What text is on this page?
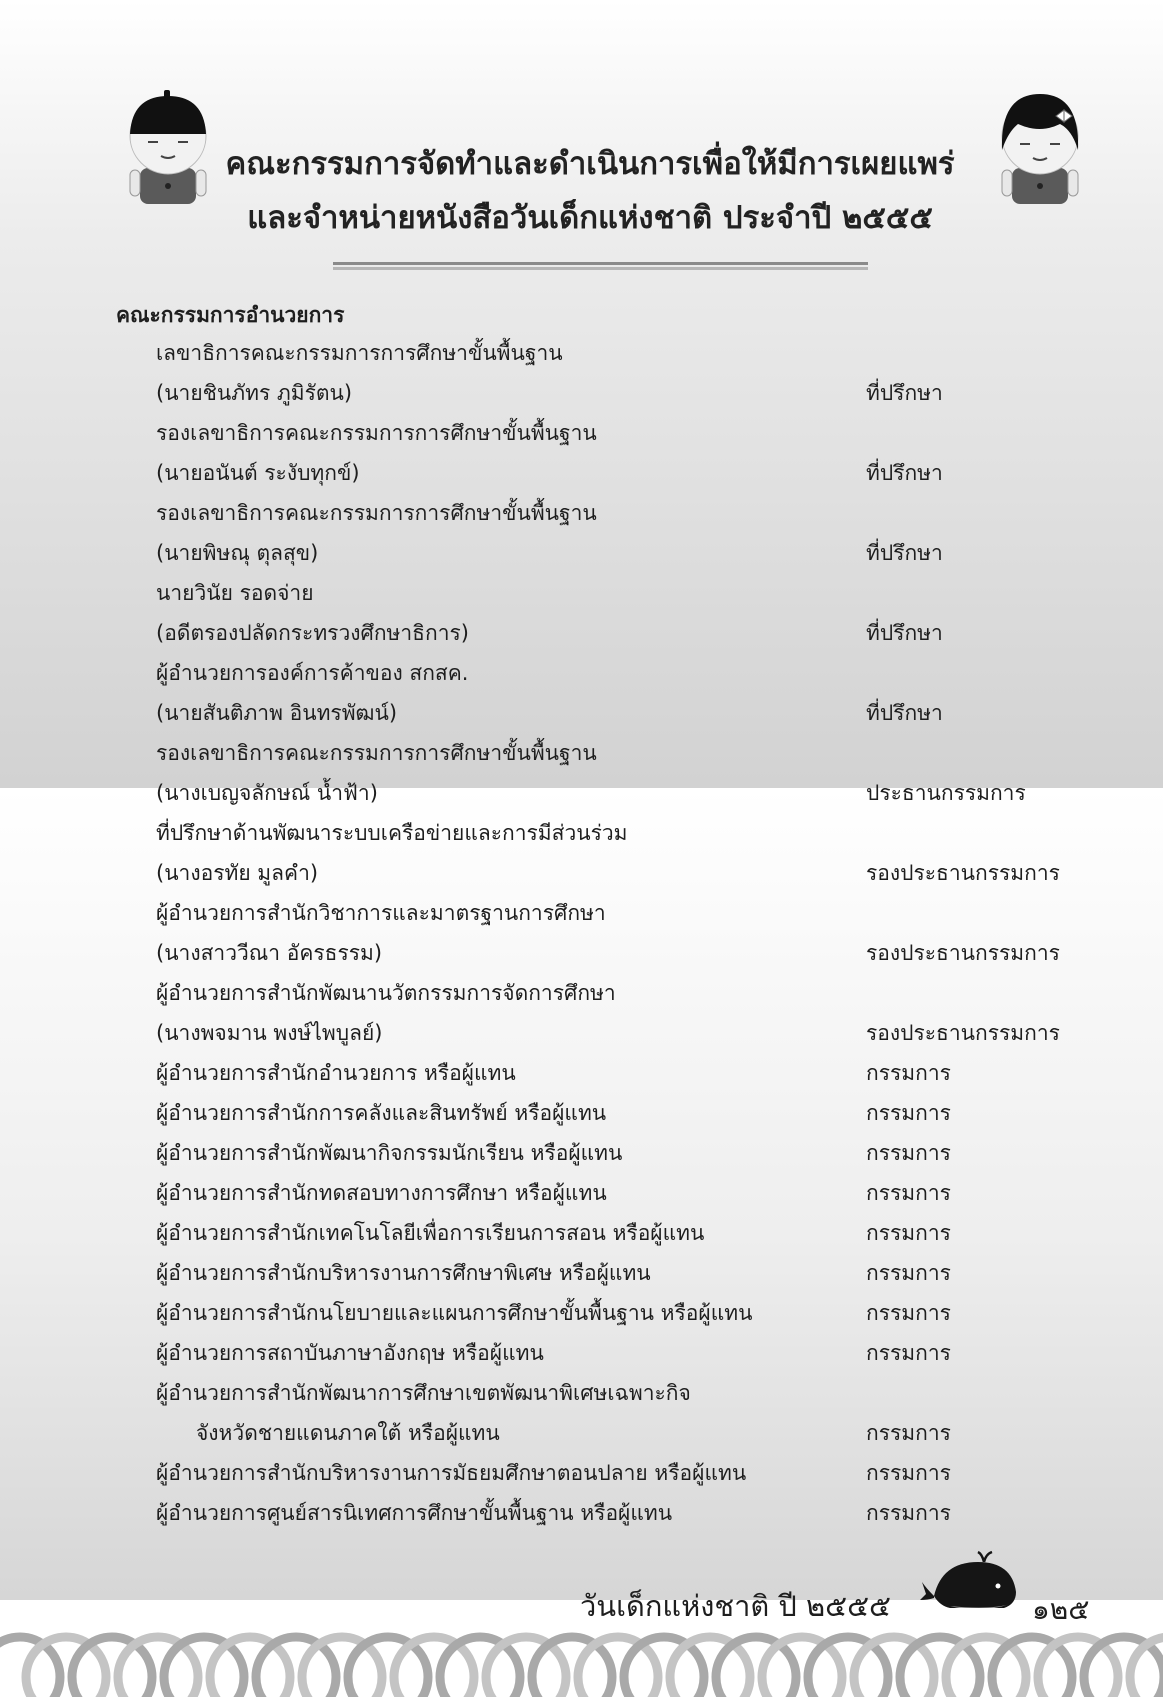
คณะกรรมการจัดทำและดำเนินการเพื่อให้มีการเผยแพร่
และจำหน่ายหนังสือวันเด็กแห่งชาติ ประจำปี ๒๕๕๕
คณะกรรมการอำนวยการ
เลขาธิการคณะกรรมการการศึกษาขั้นพื้นฐาน
(นายชินภัทร ภูมิรัตน)	ที่ปรึกษา
รองเลขาธิการคณะกรรมการการศึกษาขั้นพื้นฐาน
(นายอนันต์ ระงับทุกข์)	ที่ปรึกษา
รองเลขาธิการคณะกรรมการการศึกษาขั้นพื้นฐาน
(นายพิษณุ ตุลสุข)	ที่ปรึกษา
นายวินัย รอดจ่าย
(อดีตรองปลัดกระทรวงศึกษาธิการ)	ที่ปรึกษา
ผู้อำนวยการองค์การค้าของ สกสค.
(นายสันติภาพ อินทรพัฒน์)	ที่ปรึกษา
รองเลขาธิการคณะกรรมการการศึกษาขั้นพื้นฐาน
(นางเบญจลักษณ์ น้ำฟ้า)	ประธานกรรมการ
ที่ปรึกษาด้านพัฒนาระบบเครือข่ายและการมีส่วนร่วม
(นางอรทัย มูลคำ)	รองประธานกรรมการ
ผู้อำนวยการสำนักวิชาการและมาตรฐานการศึกษา
(นางสาววีณา อัครธรรม)	รองประธานกรรมการ
ผู้อำนวยการสำนักพัฒนานวัตกรรมการจัดการศึกษา
(นางพจมาน พงษ์ไพบูลย์)	รองประธานกรรมการ
ผู้อำนวยการสำนักอำนวยการ หรือผู้แทน	กรรมการ
ผู้อำนวยการสำนักการคลังและสินทรัพย์ หรือผู้แทน	กรรมการ
ผู้อำนวยการสำนักพัฒนากิจกรรมนักเรียน หรือผู้แทน	กรรมการ
ผู้อำนวยการสำนักทดสอบทางการศึกษา หรือผู้แทน	กรรมการ
ผู้อำนวยการสำนักเทคโนโลยีเพื่อการเรียนการสอน หรือผู้แทน	กรรมการ
ผู้อำนวยการสำนักบริหารงานการศึกษาพิเศษ หรือผู้แทน	กรรมการ
ผู้อำนวยการสำนักนโยบายและแผนการศึกษาขั้นพื้นฐาน หรือผู้แทน	กรรมการ
ผู้อำนวยการสถาบันภาษาอังกฤษ หรือผู้แทน	กรรมการ
ผู้อำนวยการสำนักพัฒนาการศึกษาเขตพัฒนาพิเศษเฉพาะกิจ
จังหวัดชายแดนภาคใต้ หรือผู้แทน	กรรมการ
ผู้อำนวยการสำนักบริหารงานการมัธยมศึกษาตอนปลาย หรือผู้แทน	กรรมการ
ผู้อำนวยการศูนย์สารนิเทศการศึกษาขั้นพื้นฐาน หรือผู้แทน	กรรมการ
วันเด็กแห่งชาติ ปี ๒๕๕๕	๑๒๕
